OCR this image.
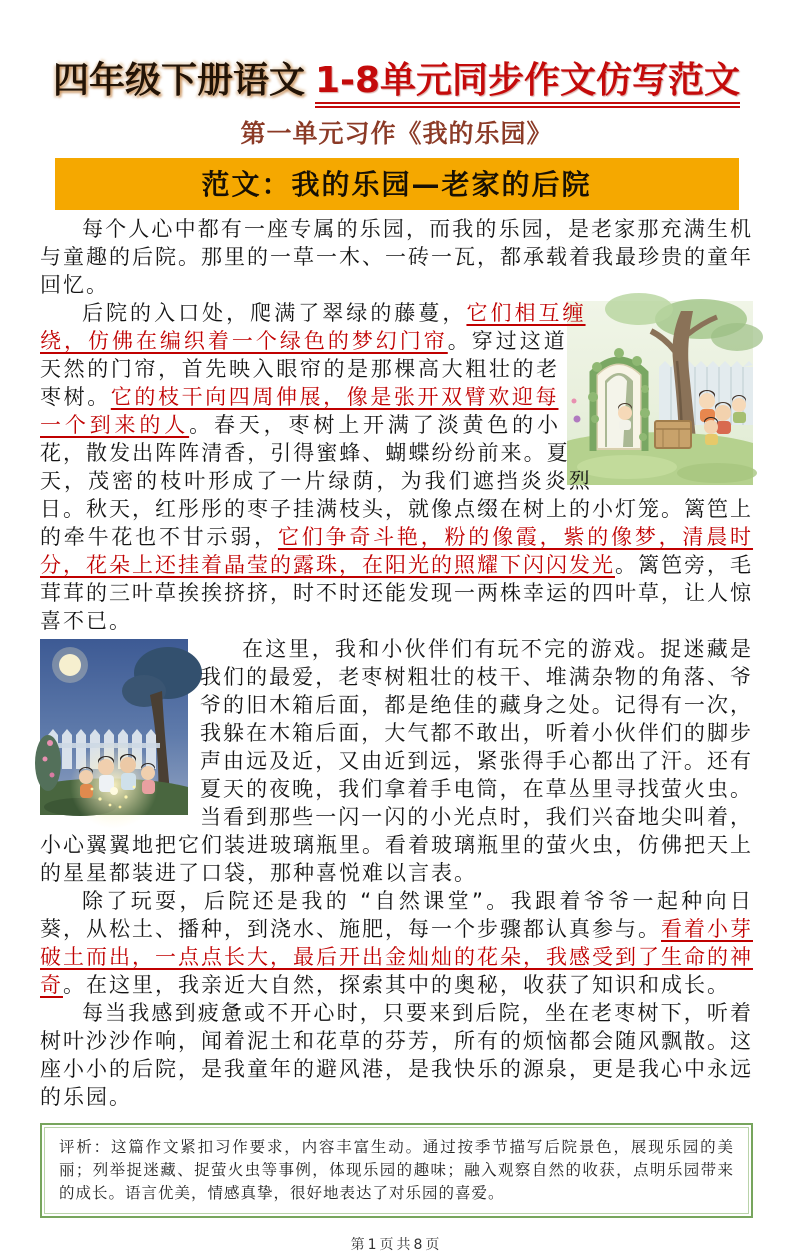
四年级下册语文 1-8单元同步作文仿写范文
第一单元习作《我的乐园》
范文：我的乐园—老家的后院

每个人心中都有一座专属的乐园，而我的乐园，是老家那充满生机与童趣的后院。那里的一草一木、一砖一瓦，都承载着我最珍贵的童年回忆。

后院的入口处，爬满了翠绿的藤蔓，它们相互缠绕，仿佛在编织着一个绿色的梦幻门帘。穿过这道天然的门帘，首先映入眼帘的是那棵高大粗壮的老枣树。它的枝干向四周伸展，像是张开双臂欢迎每一个到来的人。春天，枣树上开满了淡黄色的小花，散发出阵阵清香，引得蜜蜂、蝴蝶纷纷前来。夏天，茂密的枝叶形成了一片绿荫，为我们遮挡炎炎烈日。秋天，红彤彤的枣子挂满枝头，就像点缀在树上的小灯笼。篱笆上的牵牛花也不甘示弱，它们争奇斗艳，粉的像霞，紫的像梦，清晨时分，花朵上还挂着晶莹的露珠，在阳光的照耀下闪闪发光。篱笆旁，毛茸茸的三叶草挨挨挤挤，时不时还能发现一两株幸运的四叶草，让人惊喜不已。

在这里，我和小伙伴们有玩不完的游戏。
捉迷藏是我们的最爱，老枣树粗壮的枝干、堆满杂物的角落、爷爷的旧木箱后面，都是绝佳的藏身之处。记得有一次，我躲在木箱后面，大气都不敢出，听着小伙伴们的脚步声由远及近，又由近到远，紧张得手心都出了汗。还有夏天的夜晚，我们拿着手电筒，在草丛里寻找萤火虫。当看到那些一闪一闪的小光点时，我们兴奋地尖叫着，小心翼翼地把它们装进玻璃瓶里。看着玻璃瓶里的萤火虫，仿佛把天上的星星都装进了口袋，那种喜悦难以言表。

除了玩耍，后院还是我的 “自然课堂”。我跟着爷爷一起种向日葵，从松土、播种，到浇水、施肥，每一个步骤都认真参与。看着小芽破土而出，一点点长大，最后开出金灿灿的花朵，我感受到了生命的神奇。在这里，我亲近大自然，探索其中的奥秘，收获了知识和成长。

每当我感到疲惫或不开心时，只要来到后院，坐在老枣树下，听着树叶沙沙作响，闻着泥土和花草的芬芳，所有的烦恼都会随风飘散。这座小小的后院，是我童年的避风港，是我快乐的源泉，更是我心中永远的乐园。

评析：这篇作文紧扣习作要求，内容丰富生动。通过按季节描写后院景色，展现乐园的美丽；列举捉迷藏、捉萤火虫等事例，体现乐园的趣味；融入观察自然的收获，点明乐园带来的成长。语言优美，情感真挚，很好地表达了对乐园的喜爱。
第1页共8页
